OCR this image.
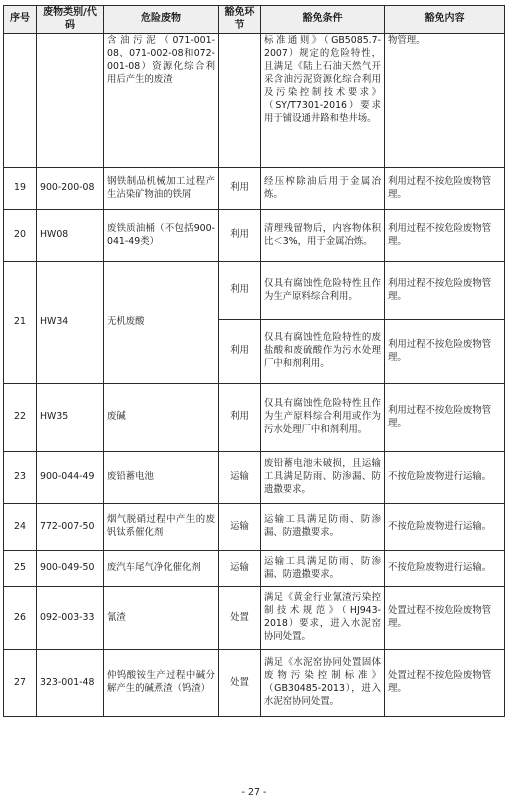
序号	废物类别/代码	危险废物	豁免环节	豁免条件	豁免内容
		含油污泥（071-001-08、071-002-08和072-001-08）资源化综合利用后产生的废渣		标准通则》（GB5085.7-2007）规定的危险特性，且满足《陆上石油天然气开采含油污泥资源化综合利用及污染控制技术要求》（SY/T7301-2016）要求用于铺设通井路和垫井场。	物管理。
19	900-200-08	钢铁制品机械加工过程产生沾染矿物油的铁屑	利用	经压榨除油后用于金属冶炼。	利用过程不按危险废物管理。
20	HW08	废铁质油桶（不包括900-041-49类）	利用	清理残留物后，内容物体积比＜3%，用于金属冶炼。	利用过程不按危险废物管理。
21	HW34	无机废酸	利用	仅具有腐蚀性危险特性且作为生产原料综合利用。	利用过程不按危险废物管理。
			利用	仅具有腐蚀性危险特性的废盐酸和废硫酸作为污水处理厂中和剂利用。	利用过程不按危险废物管理。
22	HW35	废碱	利用	仅具有腐蚀性危险特性且作为生产原料综合利用或作为污水处理厂中和剂利用。	利用过程不按危险废物管理。
23	900-044-49	废铅蓄电池	运输	废铅蓄电池未破损，且运输工具满足防雨、防渗漏、防遗撒要求。	不按危险废物进行运输。
24	772-007-50	烟气脱硝过程中产生的废钒钛系催化剂	运输	运输工具满足防雨、防渗漏、防遗撒要求。	不按危险废物进行运输。
25	900-049-50	废汽车尾气净化催化剂	运输	运输工具满足防雨、防渗漏、防遗撒要求。	不按危险废物进行运输。
26	092-003-33	氰渣	处置	满足《黄金行业氰渣污染控制技术规范》（HJ943-2018）要求，进入水泥窑协同处置。	处置过程不按危险废物管理。
27	323-001-48	仲钨酸铵生产过程中碱分解产生的碱煮渣（钨渣）	处置	满足《水泥窑协同处置固体废物污染控制标准》（GB30485-2013），进入水泥窑协同处置。	处置过程不按危险废物管理。
- 27 -
